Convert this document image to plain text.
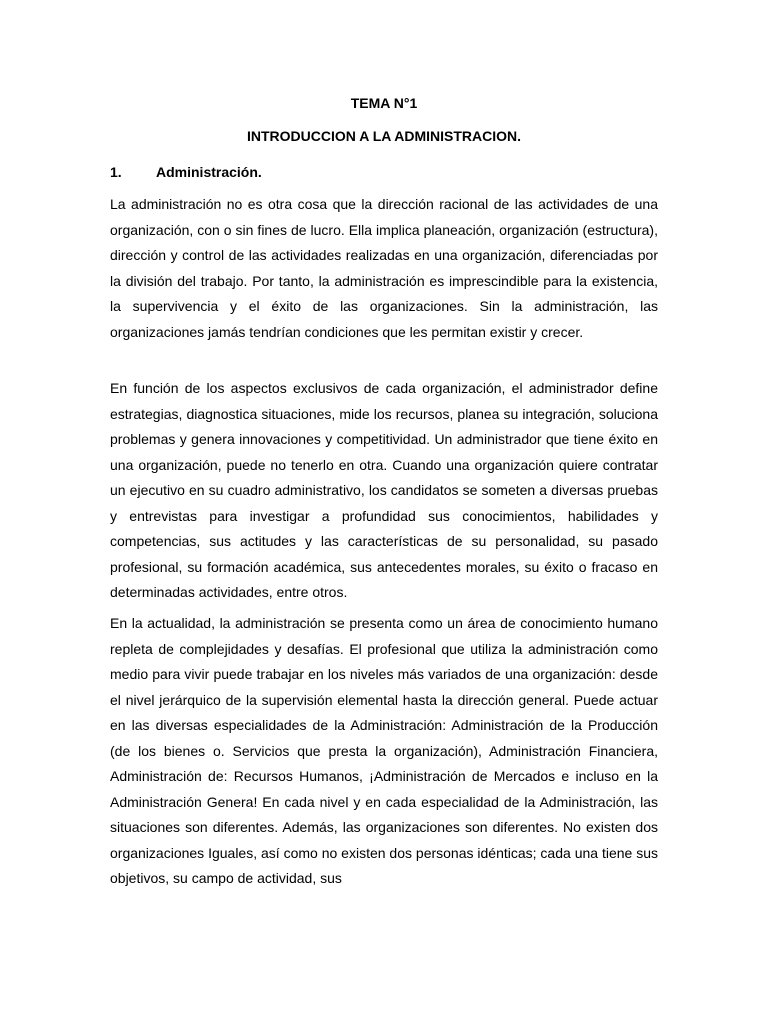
TEMA N°1
INTRODUCCION A LA ADMINISTRACION.
1. Administración.

La administración no es otra cosa que la dirección racional de las actividades de una organización, con o sin fines de lucro. Ella implica planeación, organización (estructura), dirección y control de las actividades realizadas en una organización, diferenciadas por la división del trabajo. Por tanto, la administración es imprescindible para la existencia, la supervivencia y el éxito de las organizaciones. Sin la administración, las organizaciones jamás tendrían condiciones que les permitan existir y crecer.

En función de los aspectos exclusivos de cada organización, el administrador define estrategias, diagnostica situaciones, mide los recursos, planea su integración, soluciona problemas y genera innovaciones y competitividad. Un administrador que tiene éxito en una organización, puede no tenerlo en otra. Cuando una organización quiere contratar un ejecutivo en su cuadro administrativo, los candidatos se someten a diversas pruebas y entrevistas para investigar a profundidad sus conocimientos, habilidades y competencias, sus actitudes y las características de su personalidad, su pasado profesional, su formación académica, sus antecedentes morales, su éxito o fracaso en determinadas actividades, entre otros.

En la actualidad, la administración se presenta como un área de conocimiento humano repleta de complejidades y desafías. El profesional que utiliza la administración como medio para vivir puede trabajar en los niveles más variados de una organización: desde el nivel jerárquico de la supervisión elemental hasta la dirección general. Puede actuar en las diversas especialidades de la Administración: Administración de la Producción (de los bienes o. Servicios que presta la organización), Administración Financiera, Administración de: Recursos Humanos, ¡Administración de Mercados e incluso en la Administración Genera! En cada nivel y en cada especialidad de la Administración, las situaciones son diferentes. Además, las organizaciones son diferentes. No existen dos organizaciones Iguales, así como no existen dos personas idénticas; cada una tiene sus objetivos, su campo de actividad, sus
